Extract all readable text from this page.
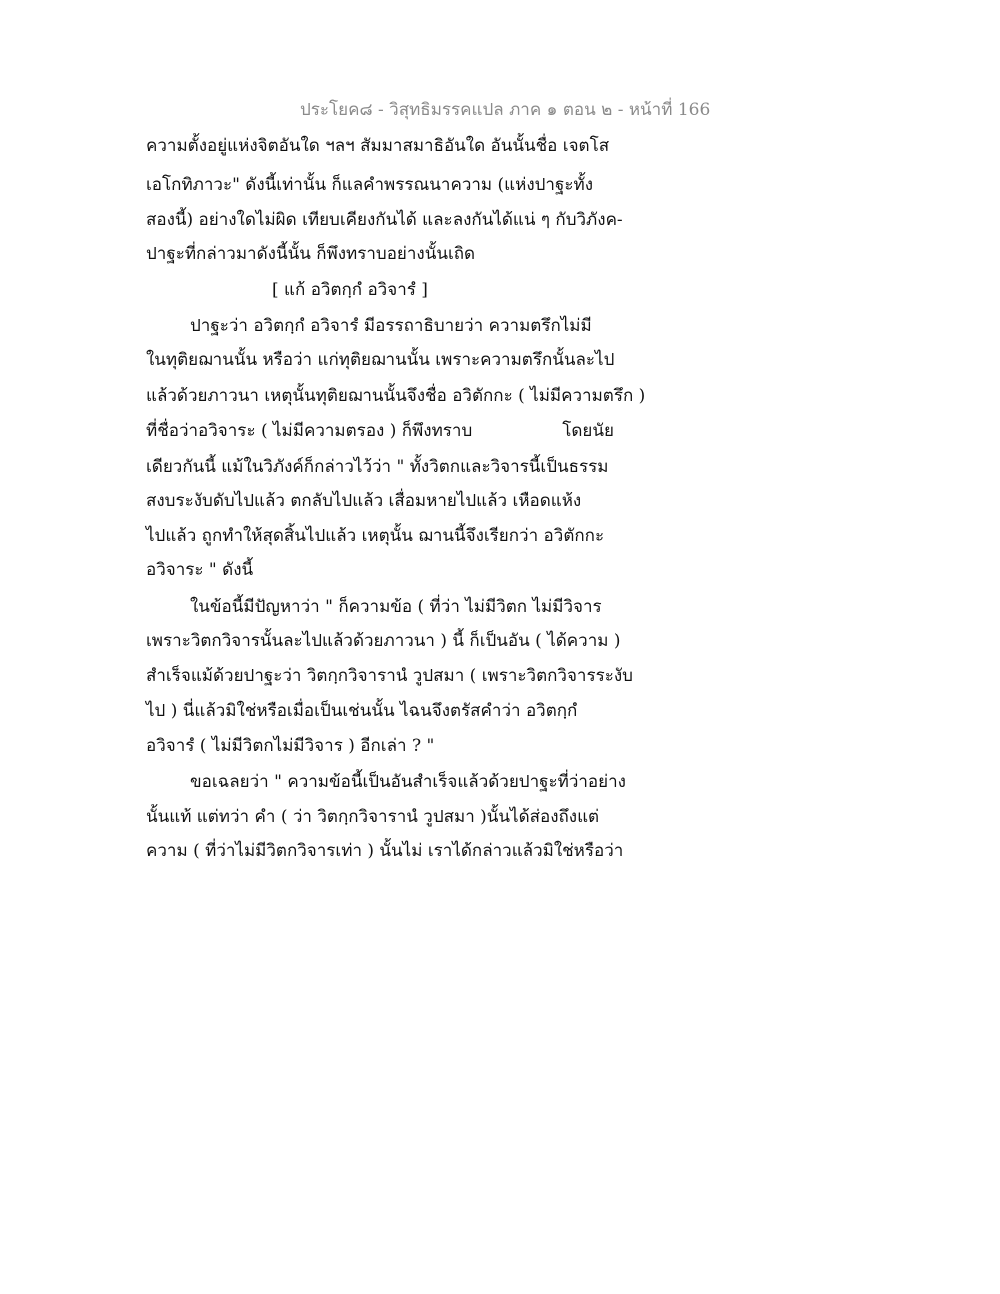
ประโยค๘ - วิสุทธิมรรคแปล ภาค ๑ ตอน ๒ - หน้าที่ 166
ความตั้งอยู่แห่งจิตอันใด ฯลฯ สัมมาสมาธิอันใด อันนั้นชื่อ เจตโส
เอโกทิภาวะ" ดังนี้เท่านั้น ก็แลคำพรรณนาความ (แห่งปาฐะทั้ง
สองนี้) อย่างใดไม่ผิด เทียบเคียงกันได้ และลงกันได้แน่ ๆ กับวิภังค-
ปาฐะที่กล่าวมาดังนี้นั้น ก็พึงทราบอย่างนั้นเถิด
[ แก้ อวิตกฺกํ อวิจารํ ]
ปาฐะว่า อวิตกฺกํ อวิจารํ มีอรรถาธิบายว่า ความตรึกไม่มี
ในทุติยฌานนั้น หรือว่า แก่ทุติยฌานนั้น เพราะความตรึกนั้นละไป
แล้วด้วยภาวนา เหตุนั้นทุติยฌานนั้นจึงชื่อ อวิตักกะ ( ไม่มีความตรึก )
ที่ชื่อว่าอวิจาระ ( ไม่มีความตรอง ) ก็พึงทราบ	โดยนัย
เดียวกันนี้ แม้ในวิภังค์ก็กล่าวไว้ว่า " ทั้งวิตกและวิจารนี้เป็นธรรม
สงบระงับดับไปแล้ว ตกลับไปแล้ว เสื่อมหายไปแล้ว เหือดแห้ง
ไปแล้ว ถูกทำให้สุดสิ้นไปแล้ว เหตุนั้น ฌานนี้จึงเรียกว่า อวิตักกะ
อวิจาระ " ดังนี้
ในข้อนี้มีปัญหาว่า " ก็ความข้อ ( ที่ว่า ไม่มีวิตก ไม่มีวิจาร
เพราะวิตกวิจารนั้นละไปแล้วด้วยภาวนา ) นี้ ก็เป็นอัน ( ได้ความ )
สำเร็จแม้ด้วยปาฐะว่า วิตกฺกวิจารานํ วูปสมา ( เพราะวิตกวิจารระงับ
ไป ) นี่แล้วมิใช่หรือเมื่อเป็นเช่นนั้น ไฉนจึงตรัสคำว่า อวิตกฺกํ
อวิจารํ ( ไม่มีวิตกไม่มีวิจาร ) อีกเล่า ? "
ขอเฉลยว่า " ความข้อนี้เป็นอันสำเร็จแล้วด้วยปาฐะที่ว่าอย่าง
นั้นแท้ แต่ทว่า คำ ( ว่า วิตกฺกวิจารานํ วูปสมา )นั้นได้ส่องถึงแต่
ความ ( ที่ว่าไม่มีวิตกวิจารเท่า ) นั้นไม่ เราได้กล่าวแล้วมิใช่หรือว่า
